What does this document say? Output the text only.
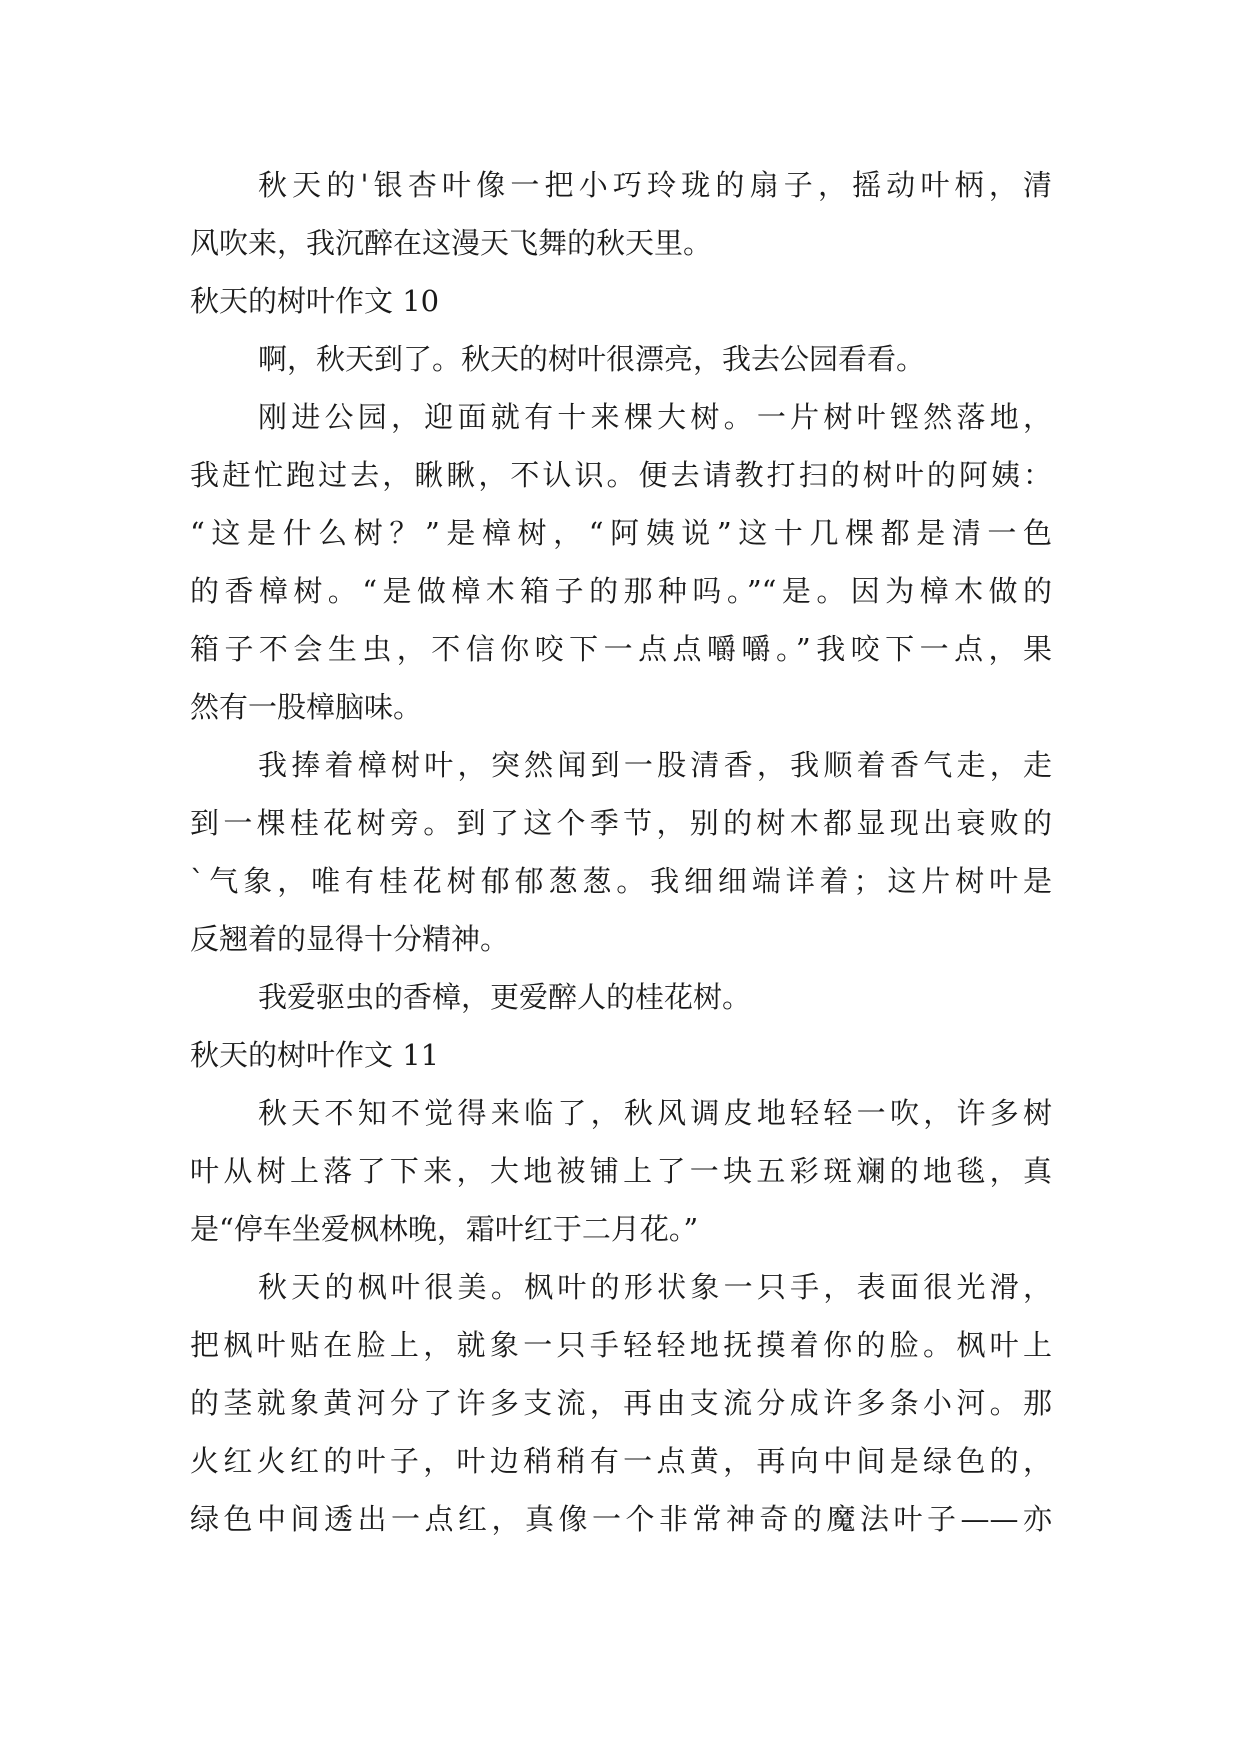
秋天的'银杏叶像一把小巧玲珑的扇子，摇动叶柄，清
风吹来，我沉醉在这漫天飞舞的秋天里。
秋天的树叶作文 10
啊，秋天到了。秋天的树叶很漂亮，我去公园看看。
刚进公园，迎面就有十来棵大树。一片树叶铿然落地，
我赶忙跑过去，瞅瞅，不认识。便去请教打扫的树叶的阿姨：
“这是什么树？”是樟树，“阿姨说”这十几棵都是清一色
的香樟树。“是做樟木箱子的那种吗。”“是。因为樟木做的
箱子不会生虫，不信你咬下一点点嚼嚼。”我咬下一点，果
然有一股樟脑味。
我捧着樟树叶，突然闻到一股清香，我顺着香气走，走
到一棵桂花树旁。到了这个季节，别的树木都显现出衰败的
`气象，唯有桂花树郁郁葱葱。我细细端详着；这片树叶是
反翘着的显得十分精神。
我爱驱虫的香樟，更爱醉人的桂花树。
秋天的树叶作文 11
秋天不知不觉得来临了，秋风调皮地轻轻一吹，许多树
叶从树上落了下来，大地被铺上了一块五彩斑斓的地毯，真
是“停车坐爱枫林晚，霜叶红于二月花。”
秋天的枫叶很美。枫叶的形状象一只手，表面很光滑，
把枫叶贴在脸上，就象一只手轻轻地抚摸着你的脸。枫叶上
的茎就象黄河分了许多支流，再由支流分成许多条小河。那
火红火红的叶子，叶边稍稍有一点黄，再向中间是绿色的，
绿色中间透出一点红，真像一个非常神奇的魔法叶子——亦
